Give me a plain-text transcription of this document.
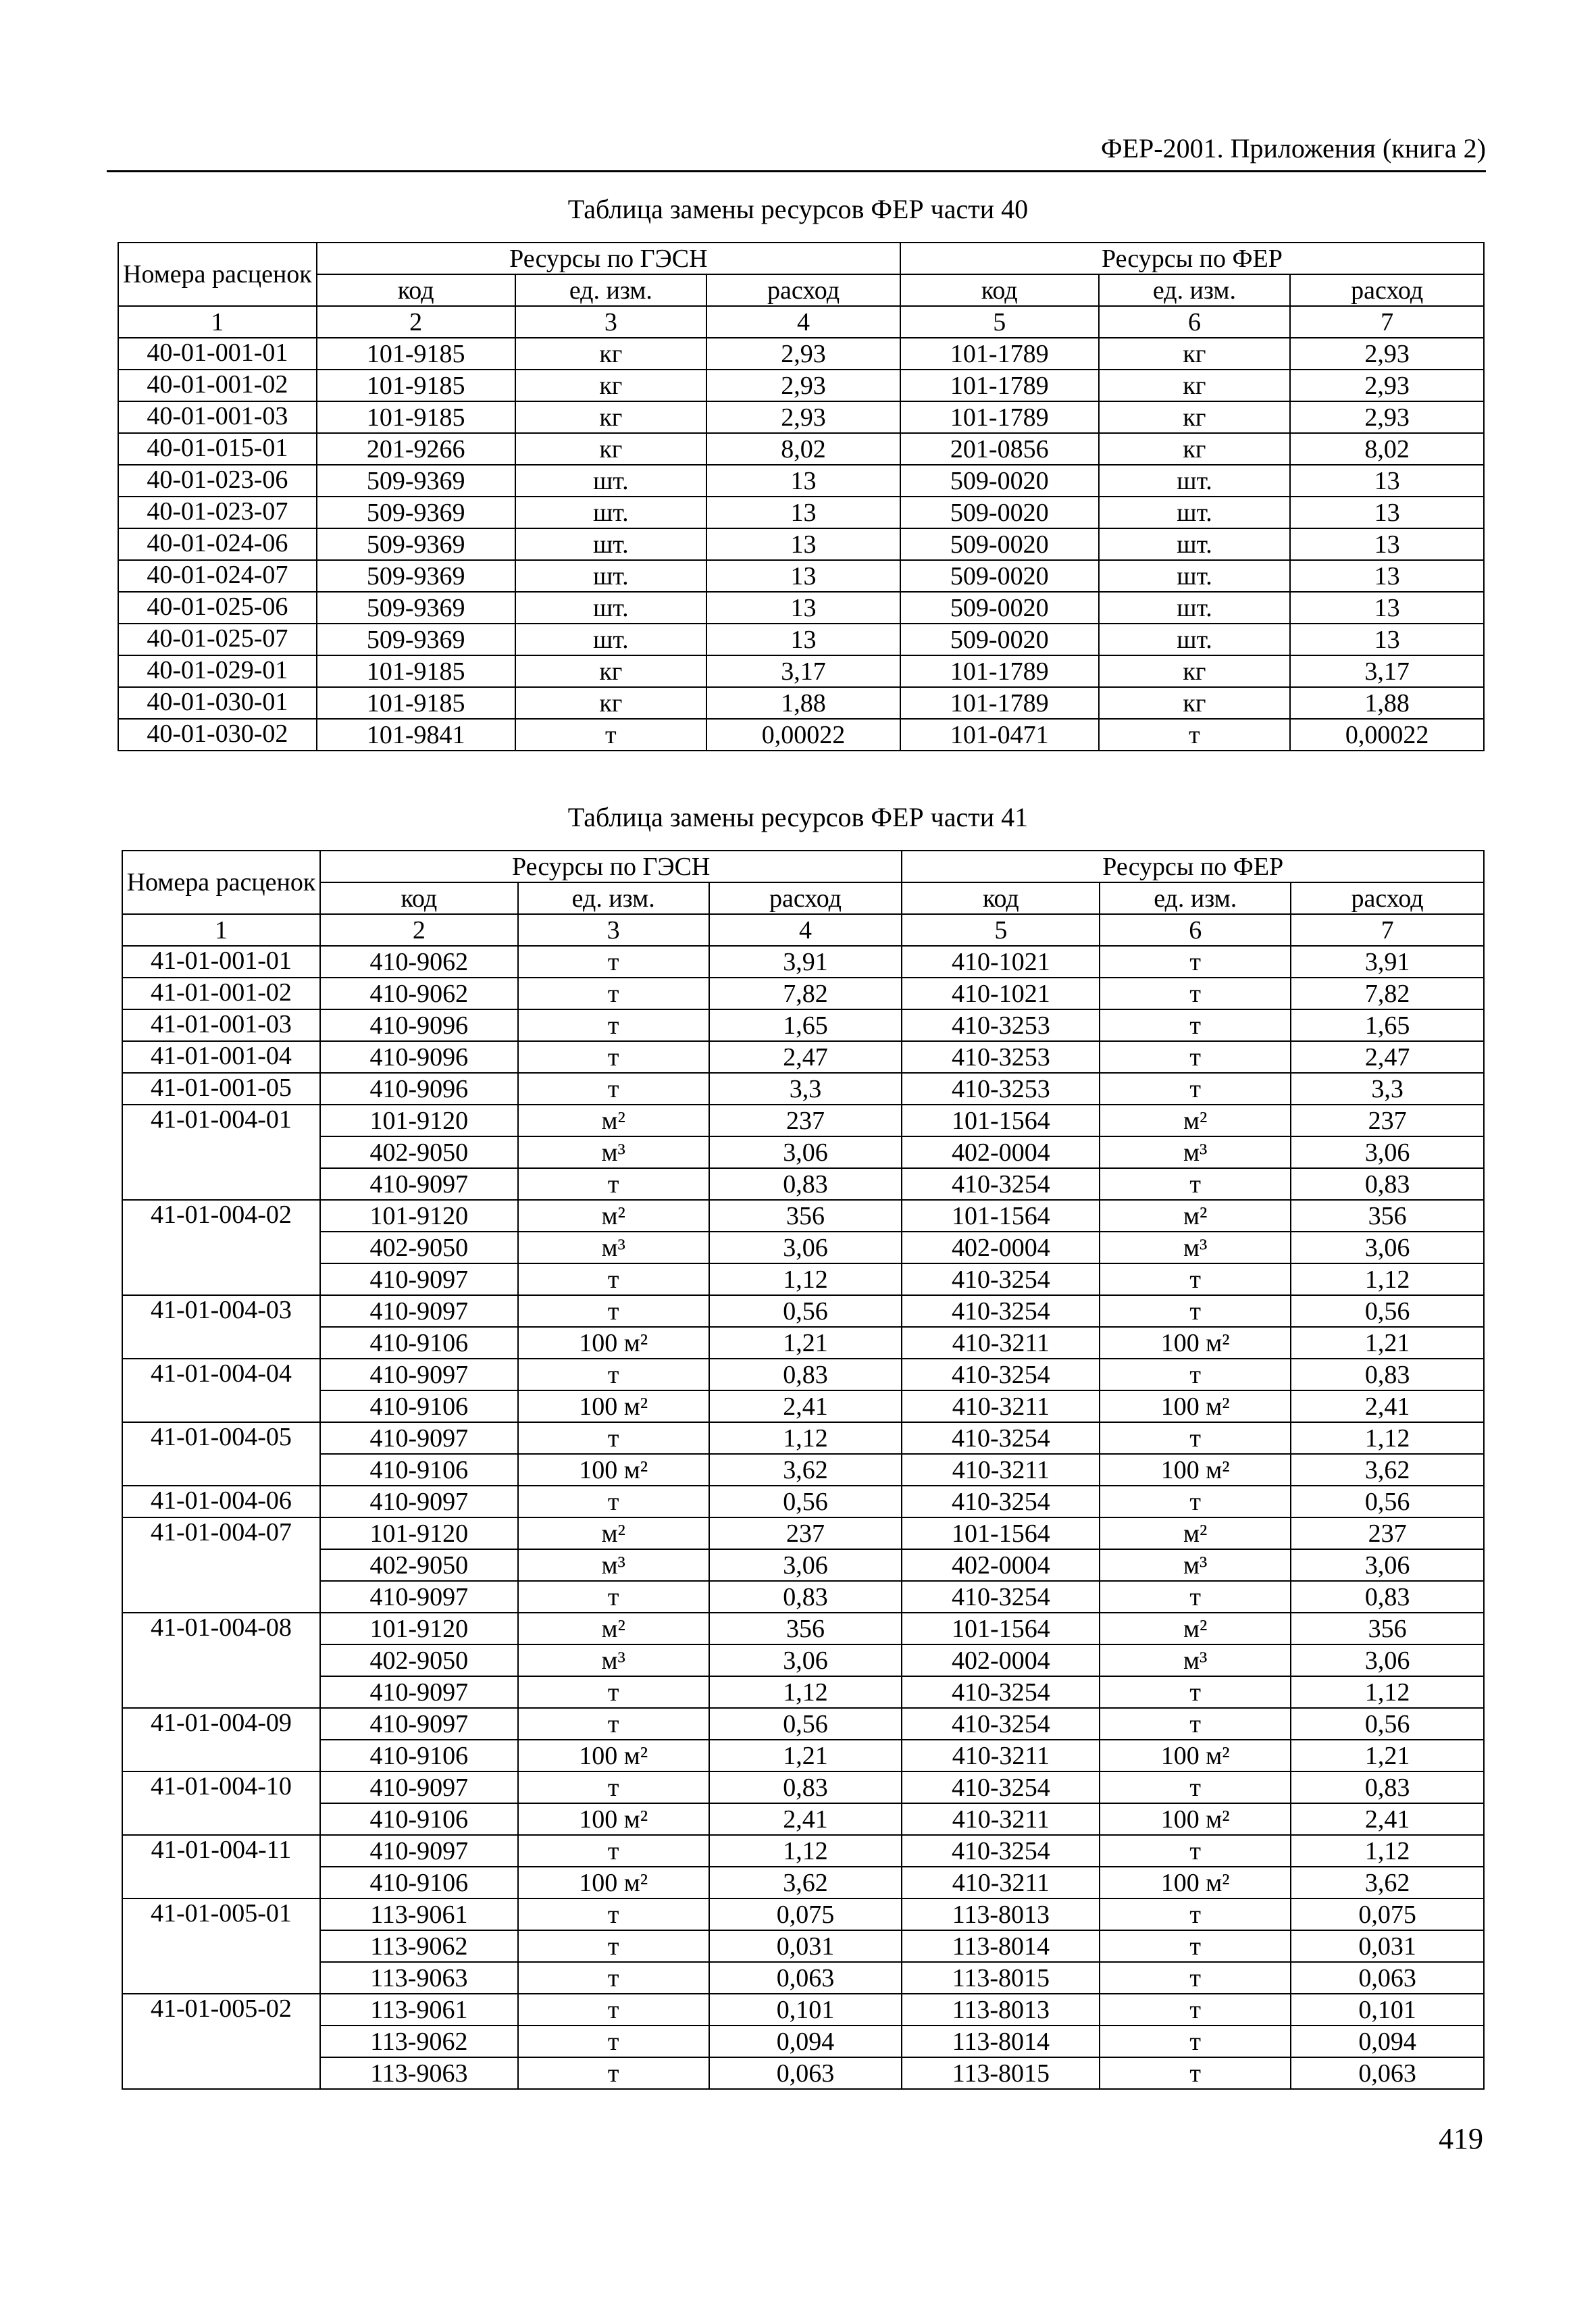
ФЕР-2001. Приложения (книга 2)
Таблица замены ресурсов ФЕР части 40
Номера расценок	Ресурсы по ГЭСН			Ресурсы по ФЕР		
	код	ед. изм.	расход	код	ед. изм.	расход
1	2	3	4	5	6	7
40-01-001-01	101-9185	кг	2,93	101-1789	кг	2,93
40-01-001-02	101-9185	кг	2,93	101-1789	кг	2,93
40-01-001-03	101-9185	кг	2,93	101-1789	кг	2,93
40-01-015-01	201-9266	кг	8,02	201-0856	кг	8,02
40-01-023-06	509-9369	шт.	13	509-0020	шт.	13
40-01-023-07	509-9369	шт.	13	509-0020	шт.	13
40-01-024-06	509-9369	шт.	13	509-0020	шт.	13
40-01-024-07	509-9369	шт.	13	509-0020	шт.	13
40-01-025-06	509-9369	шт.	13	509-0020	шт.	13
40-01-025-07	509-9369	шт.	13	509-0020	шт.	13
40-01-029-01	101-9185	кг	3,17	101-1789	кг	3,17
40-01-030-01	101-9185	кг	1,88	101-1789	кг	1,88
40-01-030-02	101-9841	т	0,00022	101-0471	т	0,00022
Таблица замены ресурсов ФЕР части 41
Номера расценок	Ресурсы по ГЭСН			Ресурсы по ФЕР		
	код	ед. изм.	расход	код	ед. изм.	расход
1	2	3	4	5	6	7
41-01-001-01	410-9062	т	3,91	410-1021	т	3,91
41-01-001-02	410-9062	т	7,82	410-1021	т	7,82
41-01-001-03	410-9096	т	1,65	410-3253	т	1,65
41-01-001-04	410-9096	т	2,47	410-3253	т	2,47
41-01-001-05	410-9096	т	3,3	410-3253	т	3,3
41-01-004-01	101-9120	м²	237	101-1564	м²	237
	402-9050	м³	3,06	402-0004	м³	3,06
	410-9097	т	0,83	410-3254	т	0,83
41-01-004-02	101-9120	м²	356	101-1564	м²	356
	402-9050	м³	3,06	402-0004	м³	3,06
	410-9097	т	1,12	410-3254	т	1,12
41-01-004-03	410-9097	т	0,56	410-3254	т	0,56
	410-9106	100 м²	1,21	410-3211	100 м²	1,21
41-01-004-04	410-9097	т	0,83	410-3254	т	0,83
	410-9106	100 м²	2,41	410-3211	100 м²	2,41
41-01-004-05	410-9097	т	1,12	410-3254	т	1,12
	410-9106	100 м²	3,62	410-3211	100 м²	3,62
41-01-004-06	410-9097	т	0,56	410-3254	т	0,56
41-01-004-07	101-9120	м²	237	101-1564	м²	237
	402-9050	м³	3,06	402-0004	м³	3,06
	410-9097	т	0,83	410-3254	т	0,83
41-01-004-08	101-9120	м²	356	101-1564	м²	356
	402-9050	м³	3,06	402-0004	м³	3,06
	410-9097	т	1,12	410-3254	т	1,12
41-01-004-09	410-9097	т	0,56	410-3254	т	0,56
	410-9106	100 м²	1,21	410-3211	100 м²	1,21
41-01-004-10	410-9097	т	0,83	410-3254	т	0,83
	410-9106	100 м²	2,41	410-3211	100 м²	2,41
41-01-004-11	410-9097	т	1,12	410-3254	т	1,12
	410-9106	100 м²	3,62	410-3211	100 м²	3,62
41-01-005-01	113-9061	т	0,075	113-8013	т	0,075
	113-9062	т	0,031	113-8014	т	0,031
	113-9063	т	0,063	113-8015	т	0,063
41-01-005-02	113-9061	т	0,101	113-8013	т	0,101
	113-9062	т	0,094	113-8014	т	0,094
	113-9063	т	0,063	113-8015	т	0,063
419
